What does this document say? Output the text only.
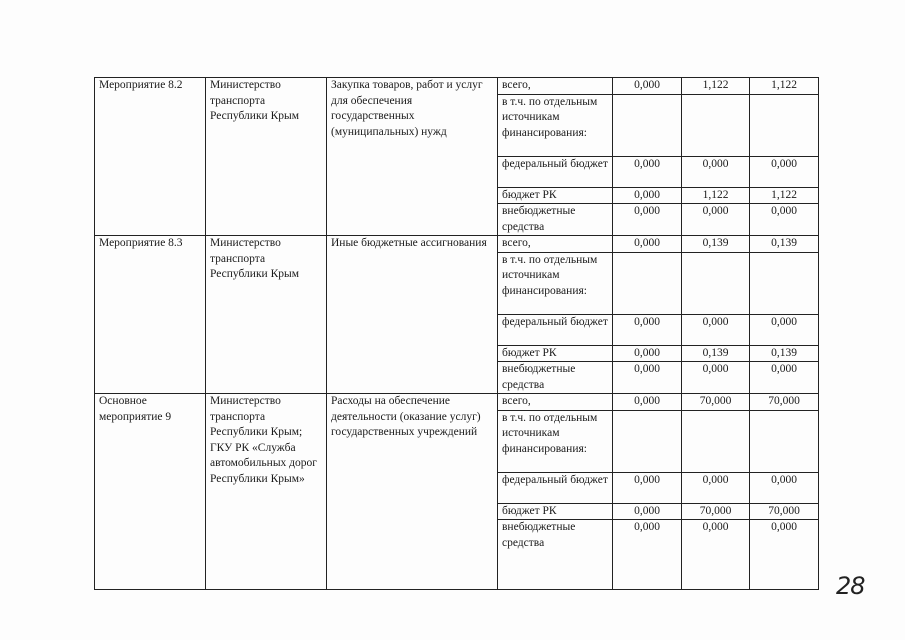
Мероприятие 8.2	Министерство транспорта Республики Крым	Закупка товаров, работ и услуг для обеспечения государственных (муниципальных) нужд	всего,	0,000	1,122	1,122
			в т.ч. по отдельным источникам финансирования:			
			федеральный бюджет	0,000	0,000	0,000
			бюджет РК	0,000	1,122	1,122
			внебюджетные средства	0,000	0,000	0,000
Мероприятие 8.3	Министерство транспорта Республики Крым	Иные бюджетные ассигнования	всего,	0,000	0,139	0,139
			в т.ч. по отдельным источникам финансирования:			
			федеральный бюджет	0,000	0,000	0,000
			бюджет РК	0,000	0,139	0,139
			внебюджетные средства	0,000	0,000	0,000
Основное мероприятие 9	Министерство транспорта Республики Крым; ГКУ РК «Служба автомобильных дорог Республики Крым»	Расходы на обеспечение деятельности (оказание услуг) государственных учреждений	всего,	0,000	70,000	70,000
			в т.ч. по отдельным источникам финансирования:			
			федеральный бюджет	0,000	0,000	0,000
			бюджет РК	0,000	70,000	70,000
			внебюджетные средства	0,000	0,000	0,000
28
